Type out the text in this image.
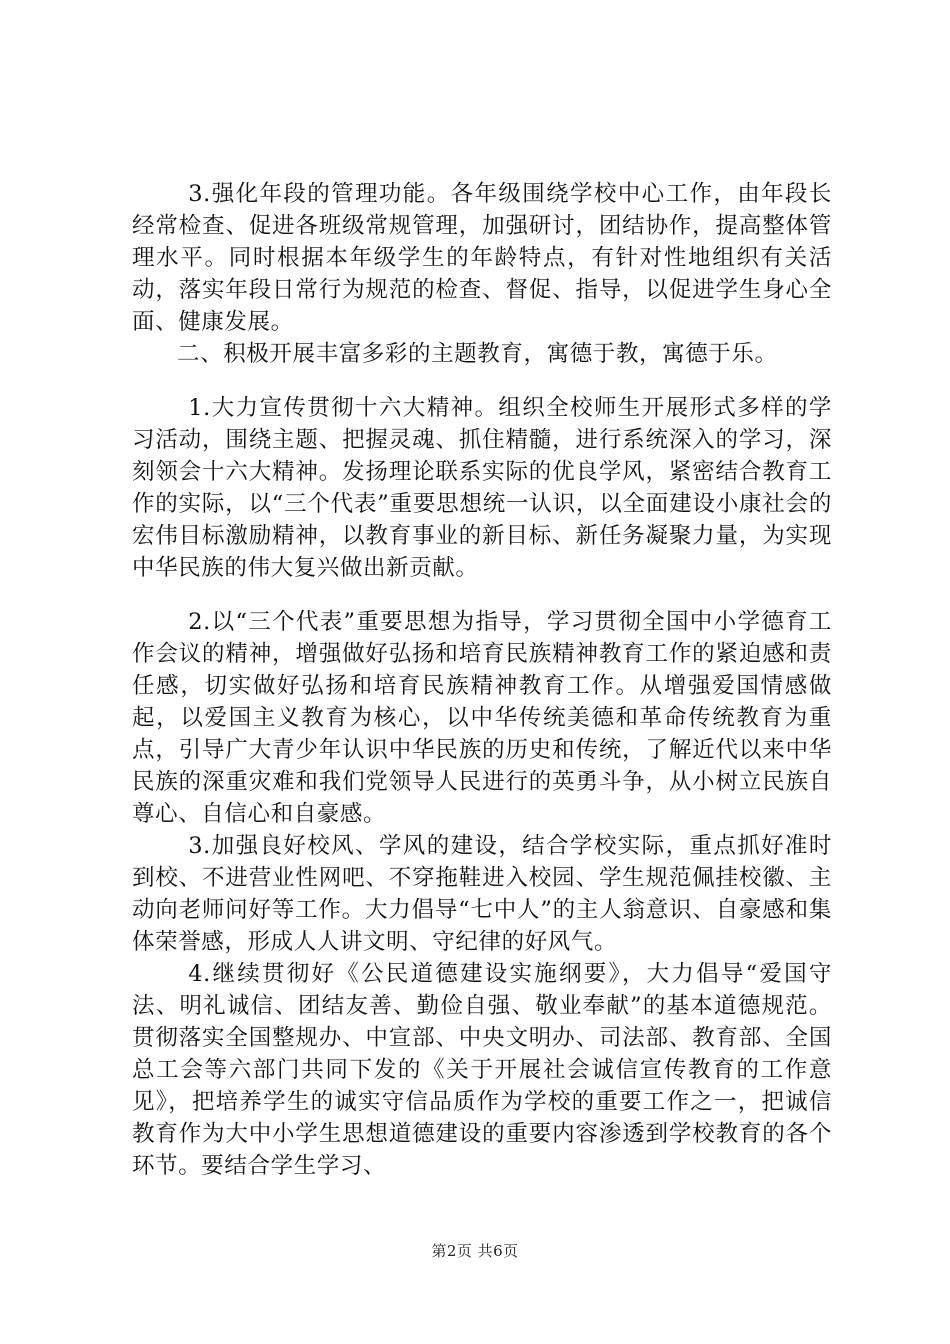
3.强化年段的管理功能。各年级围绕学校中心工作，由年段长经常检查、促进各班级常规管理，加强研讨，团结协作，提高整体管理水平。同时根据本年级学生的年龄特点，有针对性地组织有关活动，落实年段日常行为规范的检查、督促、指导，以促进学生身心全面、健康发展。

二、积极开展丰富多彩的主题教育，寓德于教，寓德于乐。

1.大力宣传贯彻十六大精神。组织全校师生开展形式多样的学习活动，围绕主题、把握灵魂、抓住精髓，进行系统深入的学习，深刻领会十六大精神。发扬理论联系实际的优良学风，紧密结合教育工作的实际，以“三个代表”重要思想统一认识，以全面建设小康社会的宏伟目标激励精神，以教育事业的新目标、新任务凝聚力量，为实现中华民族的伟大复兴做出新贡献。

2.以“三个代表”重要思想为指导，学习贯彻全国中小学德育工作会议的精神，增强做好弘扬和培育民族精神教育工作的紧迫感和责任感，切实做好弘扬和培育民族精神教育工作。从增强爱国情感做起，以爱国主义教育为核心，以中华传统美德和革命传统教育为重点，引导广大青少年认识中华民族的历史和传统，了解近代以来中华民族的深重灾难和我们党领导人民进行的英勇斗争，从小树立民族自尊心、自信心和自豪感。

3.加强良好校风、学风的建设，结合学校实际，重点抓好准时到校、不进营业性网吧、不穿拖鞋进入校园、学生规范佩挂校徽、主动向老师问好等工作。大力倡导“七中人”的主人翁意识、自豪感和集体荣誉感，形成人人讲文明、守纪律的好风气。

4.继续贯彻好《公民道德建设实施纲要》，大力倡导“爱国守法、明礼诚信、团结友善、勤俭自强、敬业奉献”的基本道德规范。贯彻落实全国整规办、中宣部、中央文明办、司法部、教育部、全国总工会等六部门共同下发的《关于开展社会诚信宣传教育的工作意见》，把培养学生的诚实守信品质作为学校的重要工作之一，把诚信教育作为大中小学生思想道德建设的重要内容渗透到学校教育的各个环节。要结合学生学习、

第2页 共6页
